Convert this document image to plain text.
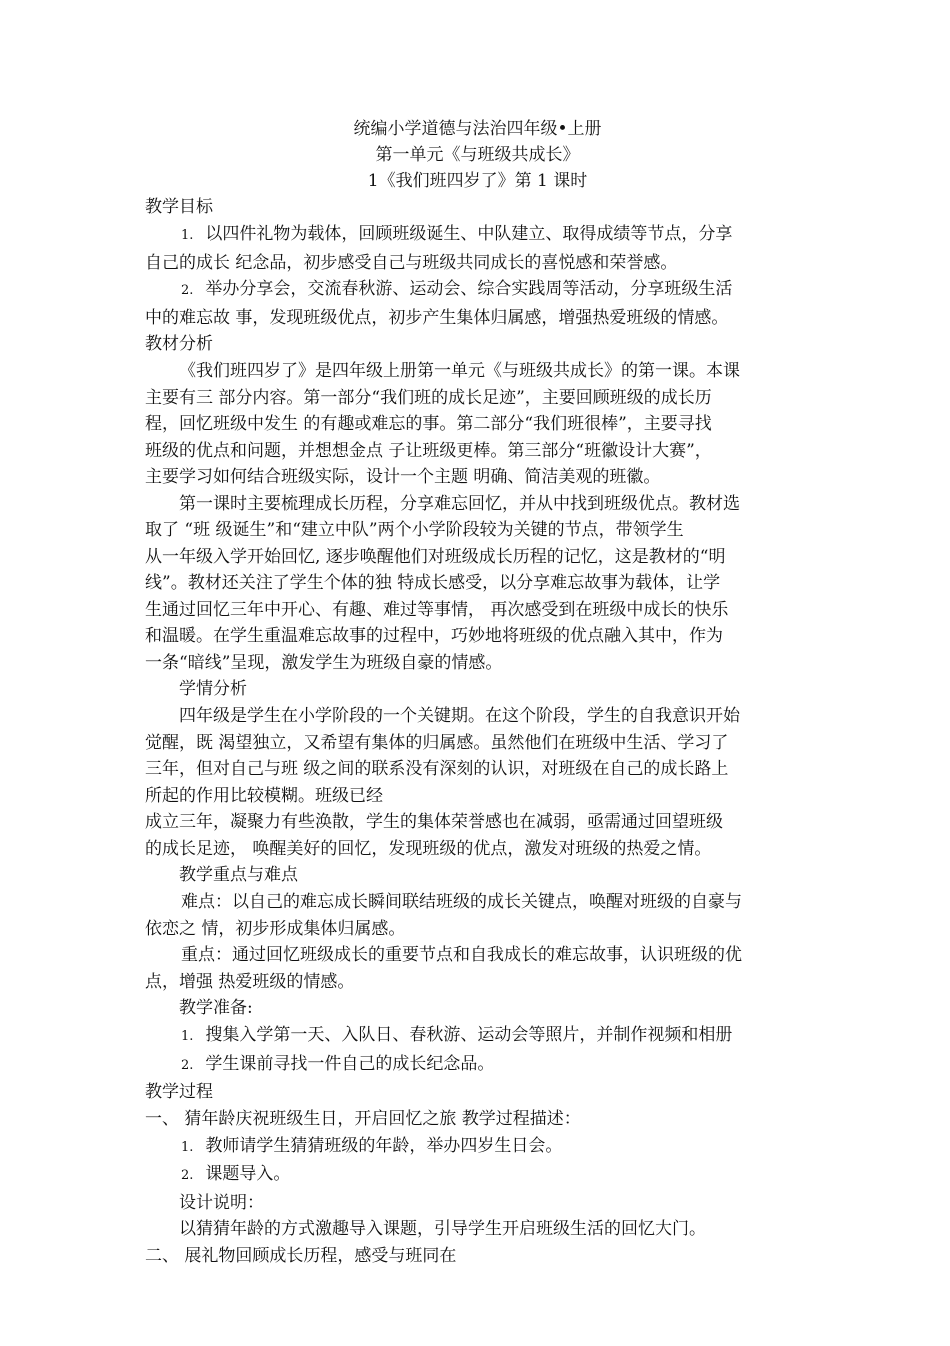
统编小学道德与法治四年级•上册

第一单元《与班级共成长》

1《我们班四岁了》第 1 课时

教学目标

1. 以四件礼物为载体，回顾班级诞生、中队建立、取得成绩等节点，分享

自己的成长 纪念品，初步感受自己与班级共同成长的喜悦感和荣誉感。

2. 举办分享会，交流春秋游、运动会、综合实践周等活动，分享班级生活

中的难忘故 事，发现班级优点，初步产生集体归属感，增强热爱班级的情感。

教材分析

《我们班四岁了》是四年级上册第一单元《与班级共成长》的第一课。本课

主要有三 部分内容。第一部分“我们班的成长足迹”，主要回顾班级的成长历

程，回忆班级中发生 的有趣或难忘的事。第二部分“我们班很棒”，主要寻找

班级的优点和问题，并想想金点 子让班级更棒。第三部分“班徽设计大赛”，

主要学习如何结合班级实际，设计一个主题 明确、简洁美观的班徽。

第一课时主要梳理成长历程，分享难忘回忆，并从中找到班级优点。教材选

取了 “班 级诞生”和“建立中队”两个小学阶段较为关键的节点，带领学生

从一年级入学开始回忆, 逐步唤醒他们对班级成长历程的记忆，这是教材的“明

线”。教材还关注了学生个体的独 特成长感受，以分享难忘故事为载体，让学

生通过回忆三年中开心、有趣、难过等事情， 再次感受到在班级中成长的快乐

和温暖。在学生重温难忘故事的过程中，巧妙地将班级的优点融入其中，作为

一条“暗线”呈现，激发学生为班级自豪的情感。

学情分析

四年级是学生在小学阶段的一个关键期。在这个阶段，学生的自我意识开始

觉醒，既 渴望独立，又希望有集体的归属感。虽然他们在班级中生活、学习了

三年，但对自己与班 级之间的联系没有深刻的认识，对班级在自己的成长路上

所起的作用比较模糊。班级已经

成立三年，凝聚力有些涣散，学生的集体荣誉感也在减弱，亟需通过回望班级

的成长足迹， 唤醒美好的回忆，发现班级的优点，激发对班级的热爱之情。

教学重点与难点

难点：以自己的难忘成长瞬间联结班级的成长关键点，唤醒对班级的自豪与

依恋之 情，初步形成集体归属感。

重点：通过回忆班级成长的重要节点和自我成长的难忘故事，认识班级的优

点，增强 热爱班级的情感。

教学准备:

1. 搜集入学第一天、入队日、春秋游、运动会等照片，并制作视频和相册

2. 学生课前寻找一件自己的成长纪念品。

教学过程

一、 猜年龄庆祝班级生日，开启回忆之旅 教学过程描述：

1. 教师请学生猜猜班级的年龄，举办四岁生日会。

2. 课题导入。

设计说明：

以猜猜年龄的方式激趣导入课题，引导学生开启班级生活的回忆大门。

二、 展礼物回顾成长历程，感受与班同在
